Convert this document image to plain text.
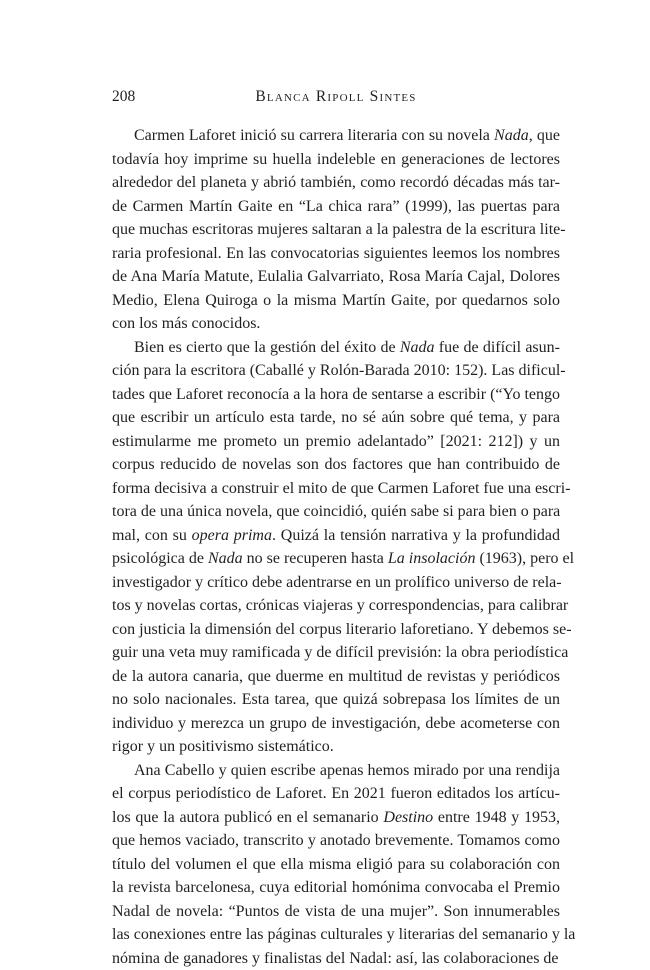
208	Blanca Ripoll Sintes
Carmen Laforet inició su carrera literaria con su novela Nada, que
todavía hoy imprime su huella indeleble en generaciones de lectores
alrededor del planeta y abrió también, como recordó décadas más tar-
de Carmen Martín Gaite en “La chica rara” (1999), las puertas para
que muchas escritoras mujeres saltaran a la palestra de la escritura lite-
raria profesional. En las convocatorias siguientes leemos los nombres
de Ana María Matute, Eulalia Galvarriato, Rosa María Cajal, Dolores
Medio, Elena Quiroga o la misma Martín Gaite, por quedarnos solo
con los más conocidos.
Bien es cierto que la gestión del éxito de Nada fue de difícil asun-
ción para la escritora (Caballé y Rolón-Barada 2010: 152). Las dificul-
tades que Laforet reconocía a la hora de sentarse a escribir (“Yo tengo
que escribir un artículo esta tarde, no sé aún sobre qué tema, y para
estimularme me prometo un premio adelantado” [2021: 212]) y un
corpus reducido de novelas son dos factores que han contribuido de
forma decisiva a construir el mito de que Carmen Laforet fue una escri-
tora de una única novela, que coincidió, quién sabe si para bien o para
mal, con su opera prima. Quizá la tensión narrativa y la profundidad
psicológica de Nada no se recuperen hasta La insolación (1963), pero el
investigador y crítico debe adentrarse en un prolífico universo de rela-
tos y novelas cortas, crónicas viajeras y correspondencias, para calibrar
con justicia la dimensión del corpus literario laforetiano. Y debemos se-
guir una veta muy ramificada y de difícil previsión: la obra periodística
de la autora canaria, que duerme en multitud de revistas y periódicos
no solo nacionales. Esta tarea, que quizá sobrepasa los límites de un
individuo y merezca un grupo de investigación, debe acometerse con
rigor y un positivismo sistemático.
Ana Cabello y quien escribe apenas hemos mirado por una rendija
el corpus periodístico de Laforet. En 2021 fueron editados los artícu-
los que la autora publicó en el semanario Destino entre 1948 y 1953,
que hemos vaciado, transcrito y anotado brevemente. Tomamos como
título del volumen el que ella misma eligió para su colaboración con
la revista barcelonesa, cuya editorial homónima convocaba el Premio
Nadal de novela: “Puntos de vista de una mujer”. Son innumerables
las conexiones entre las páginas culturales y literarias del semanario y la
nómina de ganadores y finalistas del Nadal: así, las colaboraciones de
